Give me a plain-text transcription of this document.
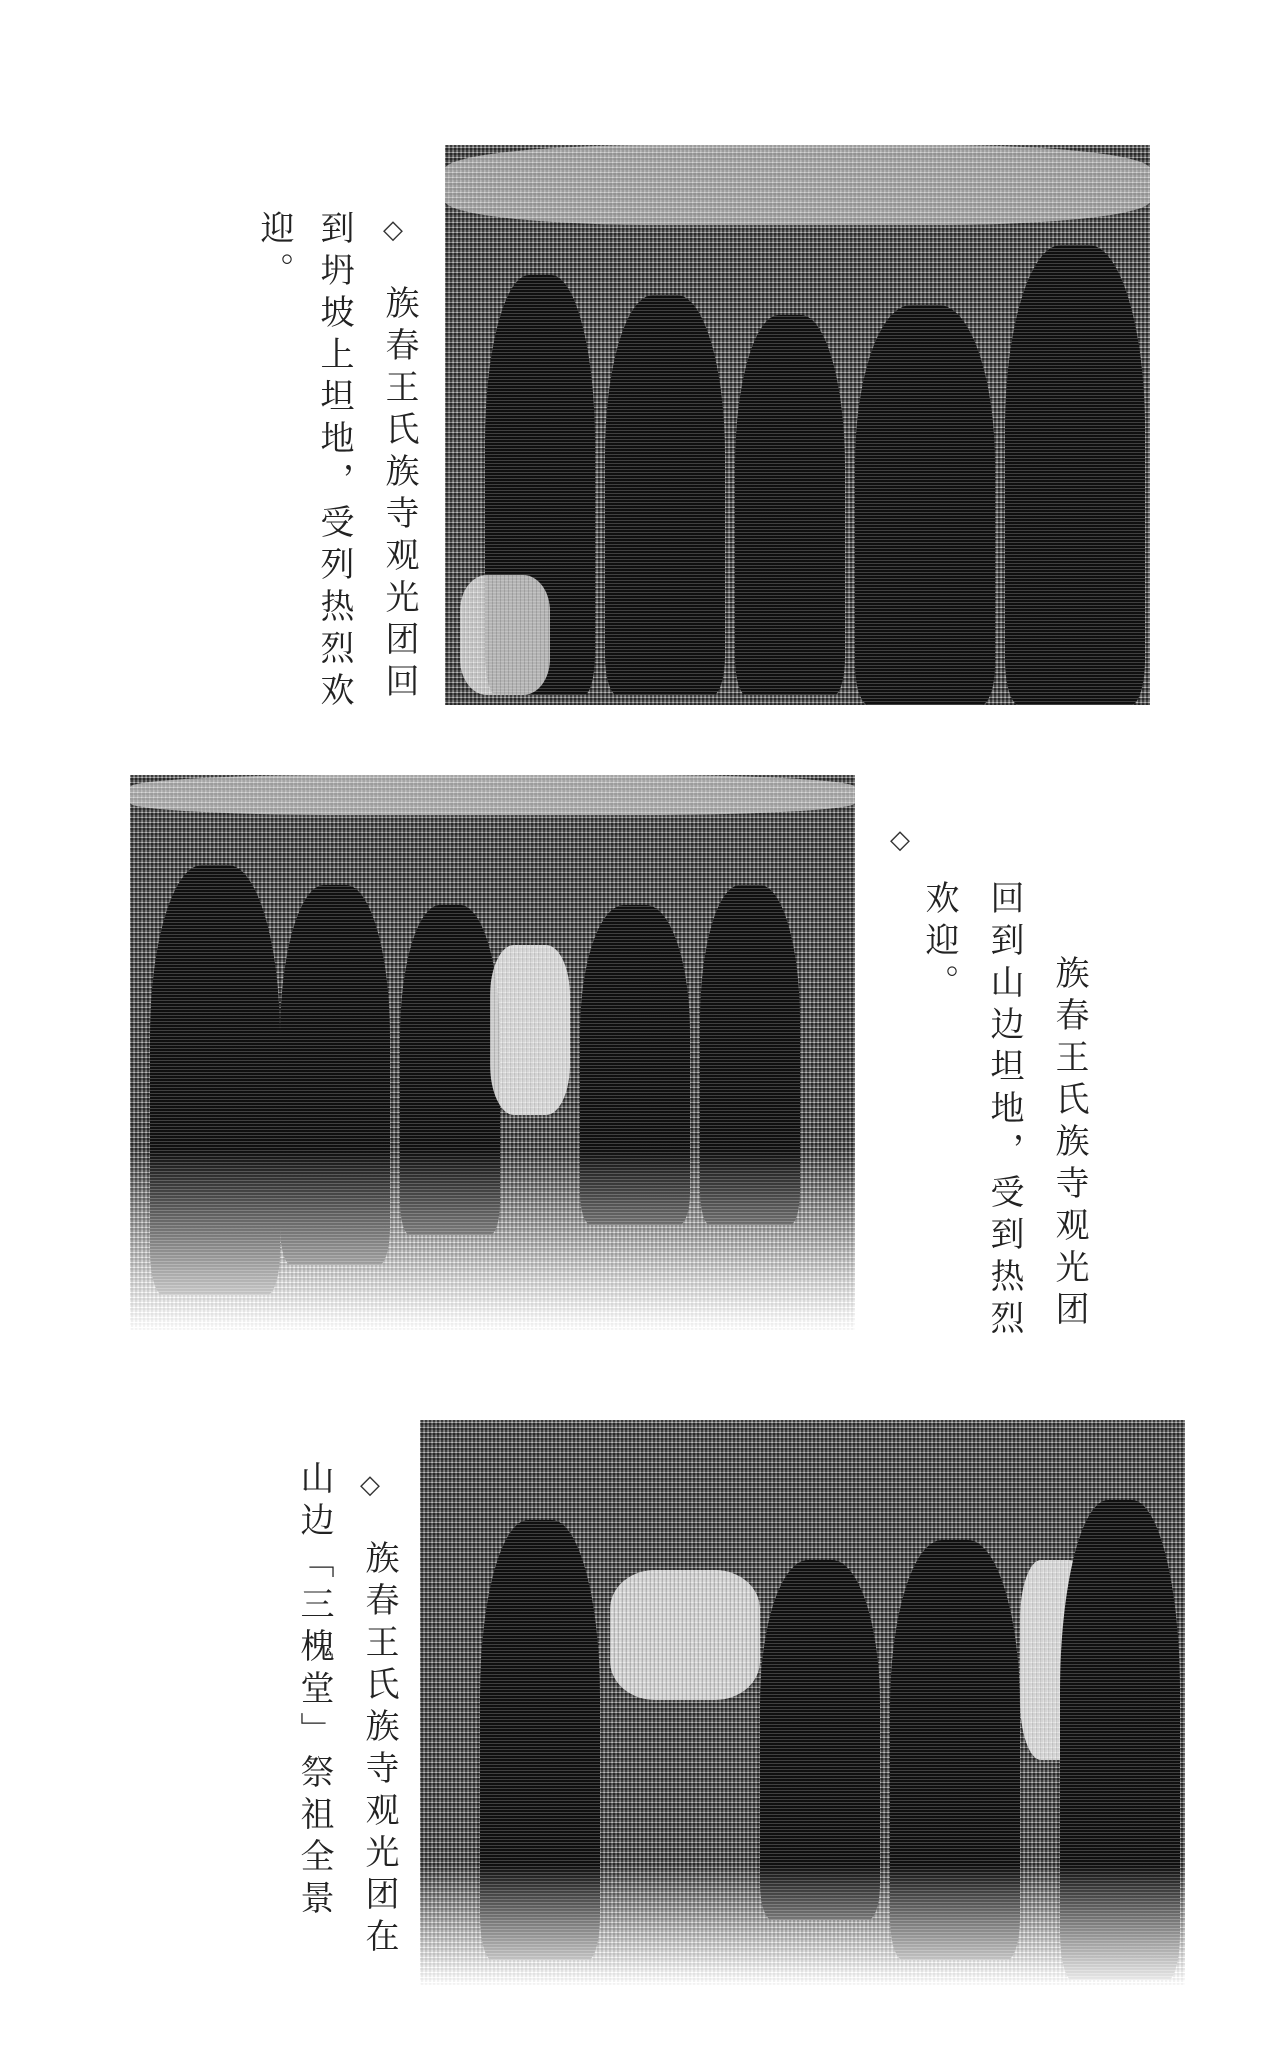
◇
族春王氏族寺观光团回
到坍坡上坦地，受列热烈欢
迎。
◇
族春王氏族寺观光团
回到山边坦地，受到热烈
欢迎。
◇
族春王氏族寺观光团在
山边「三槐堂」祭祖全景
